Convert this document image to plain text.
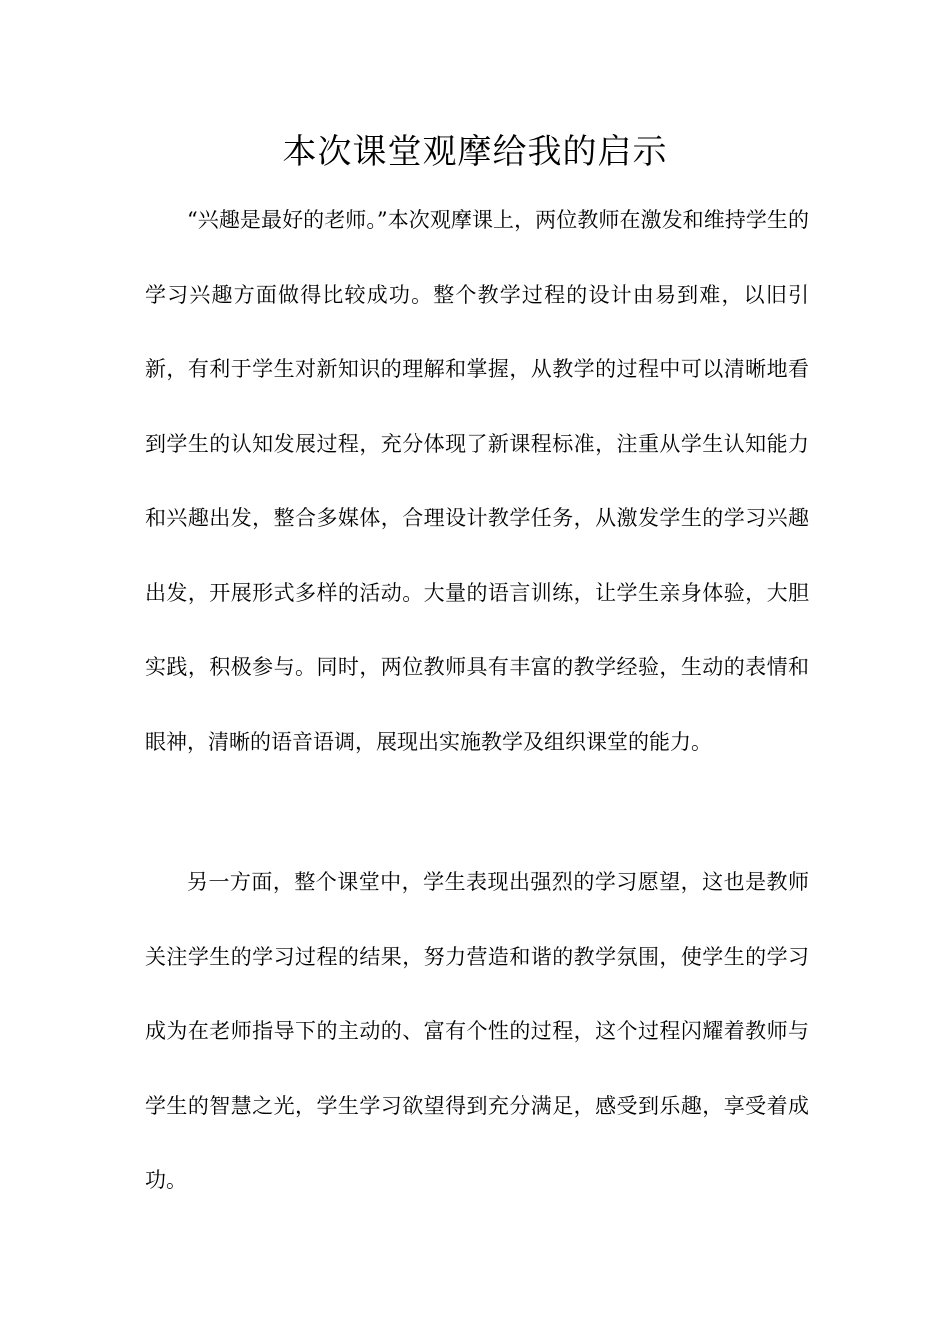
本次课堂观摩给我的启示

“兴趣是最好的老师。”本次观摩课上，两位教师在激发和维持学生的学习兴趣方面做得比较成功。整个教学过程的设计由易到难，以旧引新，有利于学生对新知识的理解和掌握，从教学的过程中可以清晰地看到学生的认知发展过程，充分体现了新课程标准，注重从学生认知能力和兴趣出发，整合多媒体，合理设计教学任务，从激发学生的学习兴趣出发，开展形式多样的活动。大量的语言训练，让学生亲身体验，大胆实践，积极参与。同时，两位教师具有丰富的教学经验，生动的表情和眼神，清晰的语音语调，展现出实施教学及组织课堂的能力。

另一方面，整个课堂中，学生表现出强烈的学习愿望，这也是教师关注学生的学习过程的结果，努力营造和谐的教学氛围，使学生的学习成为在老师指导下的主动的、富有个性的过程，这个过程闪耀着教师与学生的智慧之光，学生学习欲望得到充分满足，感受到乐趣，享受着成功。
